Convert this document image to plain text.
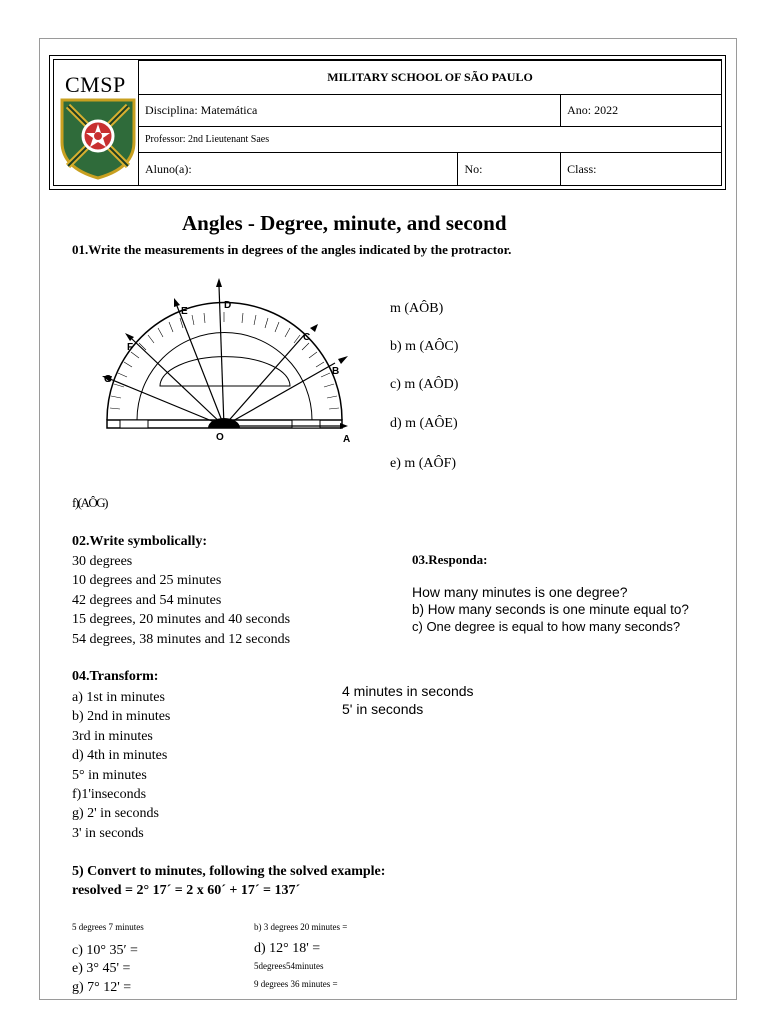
CMSP	MILITARY SCHOOL OF SÃO PAULO		
Disciplina: Matemática		Ano: 2022
Professor: 2nd Lieutenant Saes		
Aluno(a):	No:	Class:
Angles - Degree, minute, and second
01.Write the measurements in degrees of the angles indicated by the protractor.
A
B
C
D
E
F
G
O
m (AÔB)
b) m (AÔC)
c) m (AÔD)
d) m (AÔE)
e) m (AÔF)
f)(AÔG)
02.Write symbolically:
30 degrees
10 degrees and 25 minutes
42 degrees and 54 minutes
15 degrees, 20 minutes and 40 seconds
54 degrees, 38 minutes and 12 seconds
03.Responda:
How many minutes is one degree?
b) How many seconds is one minute equal to?
c) One degree is equal to how many seconds?
04.Transform:
a) 1st in minutes
b) 2nd in minutes
3rd in minutes
d) 4th in minutes
5° in minutes
f)1'inseconds
g) 2' in seconds
3' in seconds
4 minutes in seconds
5' in seconds
5) Convert to minutes, following the solved example:
resolved = 2° 17´ = 2 x 60´ + 17´ = 137´
5 degrees 7 minutes	b) 3 degrees 20 minutes =
c) 10° 35′ =	d) 12° 18' =
e) 3° 45' =	5degrees54minutes
g) 7° 12' =	9 degrees 36 minutes =
